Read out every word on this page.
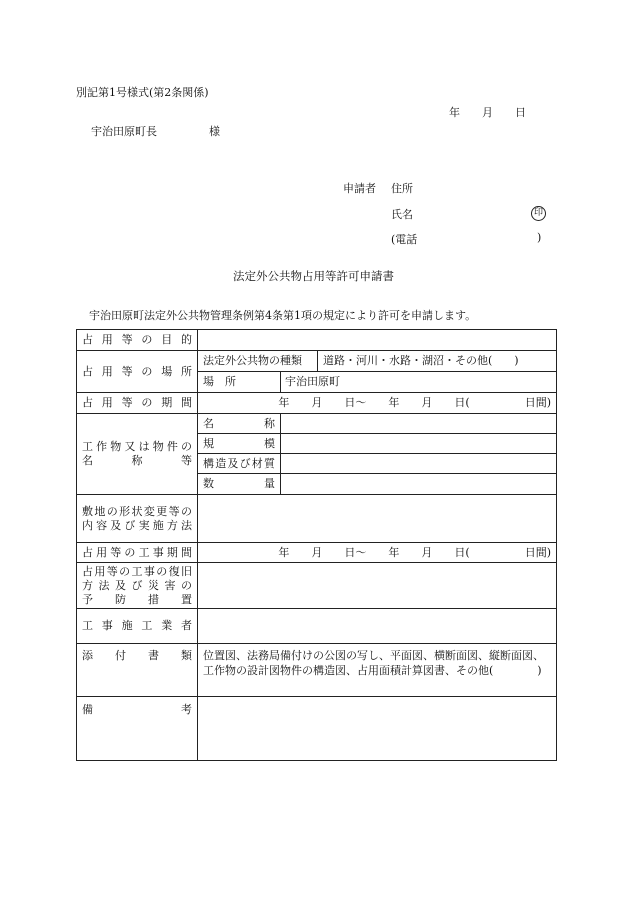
別記第1号様式(第2条関係)
年　　月　　日
宇治田原町長	様
申請者 住所
氏名	印
(電話	)
法定外公共物占用等許可申請書
宇治田原町法定外公共物管理条例第4条第1項の規定により許可を申請します。
占用等の目的			
占用等の場所	法定外公共物の種類		道路・河川・水路・湖沼・その他(　　)
	場　所	宇治田原町	
占用等の期間	年　　月　　日〜　　年　　月　　日(　　　　　日間)		

工作物又は物件の
名　　称　　等	名　　称		
	規　　模		
	構造及び材質		
	数　　量		

敷地の形状変更等の
内容及び実施方法			

占用等の工事期間	年　　月　　日〜　　年　　月　　日(　　　　　日間)		

占用等の工事の復旧
方法及び災害の
予防措置			

工事施工業者			
添付書類	位置図、法務局備付けの公図の写し、平面図、横断面図、縦断面図、工作物の設計図物件の構造図、占用面積計算図書、その他(　　　　)		

備 考			
